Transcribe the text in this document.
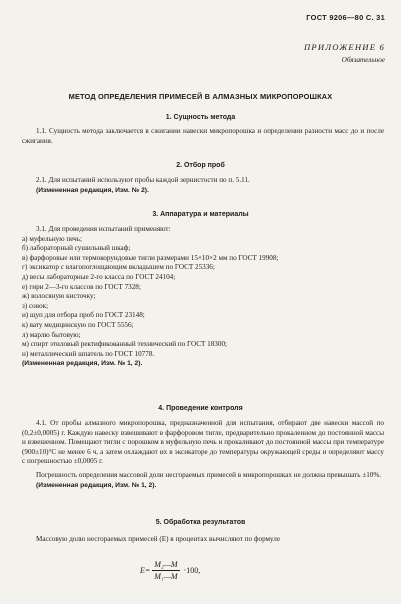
ГОСТ 9206—80 С. 31
ПРИЛОЖЕНИЕ 6
Обязательное
МЕТОД ОПРЕДЕЛЕНИЯ ПРИМЕСЕЙ В АЛМАЗНЫХ МИКРОПОРОШКАХ
1. Сущность метода

1.1. Сущность метода заключается в сжигании навески микропорошка и определении разности масс до и после сжигания.

2. Отбор проб

2.1. Для испытаний используют пробы каждой зернистости по п. 5.11.

(Измененная редакция, Изм. № 2).

3. Аппаратура и материалы

3.1. Для проведения испытаний применяют:

а) муфельную печь;

б) лабораторный сушильный шкаф;

в) фарфоровые или термокорундовые тигли размерами 15×10×2 мм по ГОСТ 19908;

г) эксикатор с влагопоглощающим вкладышем по ГОСТ 25336;

д) весы лабораторные 2-го класса по ГОСТ 24104;

е) гири 2—3-го классов по ГОСТ 7328;

ж) волосяную кисточку;

з) совок;

и) щуп для отбора проб по ГОСТ 23148;

к) вату медицинскую по ГОСТ 5556;

л) марлю бытовую;

м) спирт этиловый ректификованный технический по ГОСТ 18300;

н) металлический шпатель по ГОСТ 10778.

(Измененная редакция, Изм. № 1, 2).

4. Проведение контроля

4.1. От пробы алмазного микропорошка, предназначенной для испытания, отбирают две навески массой по (0,2±0,0005) г. Каждую навеску взвешивают в фарфоровом тигле, предварительно прокаленном до постоянной массы и взвешенном. Помещают тигли с порошком в муфельную печь и прокаливают до постоянной массы при температуре (900±10)°С не менее 6 ч, а затем охлаждают их в эксикаторе до температуры окружающей среды и определяют массу с погрешностью ±0,0005 г.

Погрешность определения массовой доли несгораемых примесей в микропорошках не должна превышать ±10%.

(Измененная редакция, Изм. № 1, 2).

5. Обработка результатов

Массовую долю несгораемых примесей (E) в процентах вычисляют по формуле

$E= \frac{\text{M₂—M}}{\text{M₁—M}} \cdot 100$,
